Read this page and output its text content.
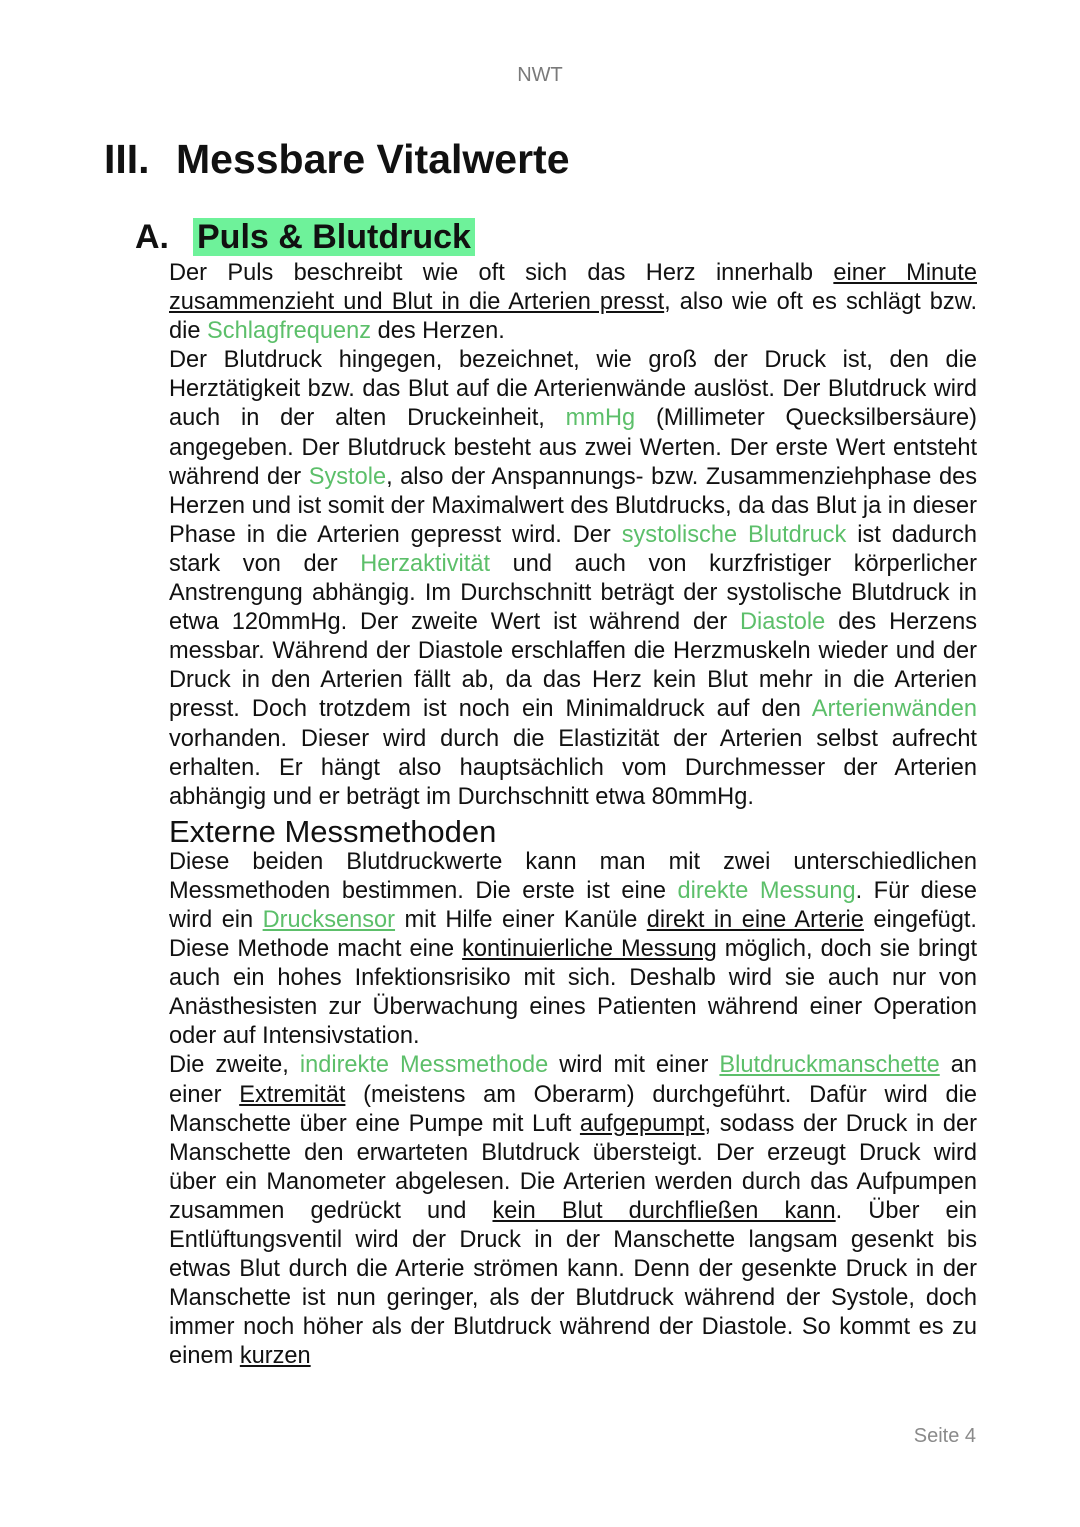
NWT
III. Messbare Vitalwerte
A. Puls & Blutdruck

Der Puls beschreibt wie oft sich das Herz innerhalb einer Minute zusammenzieht und Blut in die Arterien presst, also wie oft es schlägt bzw. die Schlagfrequenz des Herzen.

Der Blutdruck hingegen, bezeichnet, wie groß der Druck ist, den die Herztätigkeit bzw. das Blut auf die Arterienwände auslöst. Der Blutdruck wird auch in der alten Druckeinheit, mmHg (Millimeter Quecksilbersäure) angegeben. Der Blutdruck besteht aus zwei Werten. Der erste Wert entsteht während der Systole, also der Anspannungs- bzw. Zusammenziehphase des Herzen und ist somit der Maximalwert des Blutdrucks, da das Blut ja in dieser Phase in die Arterien gepresst wird. Der systolische Blutdruck ist dadurch stark von der Herzaktivität und auch von kurzfristiger körperlicher Anstrengung abhängig. Im Durchschnitt beträgt der systolische Blutdruck in etwa 120mmHg. Der zweite Wert ist während der Diastole des Herzens messbar. Während der Diastole erschlaffen die Herzmuskeln wieder und der Druck in den Arterien fällt ab, da das Herz kein Blut mehr in die Arterien presst. Doch trotzdem ist noch ein Minimaldruck auf den Arterienwänden vorhanden. Dieser wird durch die Elastizität der Arterien selbst aufrecht erhalten. Er hängt also hauptsächlich vom Durchmesser der Arterien abhängig und er beträgt im Durchschnitt etwa 80mmHg.

Externe Messmethoden

Diese beiden Blutdruckwerte kann man mit zwei unterschiedlichen Messmethoden bestimmen. Die erste ist eine direkte Messung. Für diese wird ein Drucksensor mit Hilfe einer Kanüle direkt in eine Arterie eingefügt. Diese Methode macht eine kontinuierliche Messung möglich, doch sie bringt auch ein hohes Infektionsrisiko mit sich. Deshalb wird sie auch nur von Anästhesisten zur Überwachung eines Patienten während einer Operation oder auf Intensivstation.

Die zweite, indirekte Messmethode wird mit einer Blutdruckmanschette an einer Extremität (meistens am Oberarm) durchgeführt. Dafür wird die Manschette über eine Pumpe mit Luft aufgepumpt, sodass der Druck in der Manschette den erwarteten Blutdruck übersteigt. Der erzeugt Druck wird über ein Manometer abgelesen. Die Arterien werden durch das Aufpumpen zusammen gedrückt und kein Blut durchfließen kann. Über ein Entlüftungsventil wird der Druck in der Manschette langsam gesenkt bis etwas Blut durch die Arterie strömen kann. Denn der gesenkte Druck in der Manschette ist nun geringer, als der Blutdruck während der Systole, doch immer noch höher als der Blutdruck während der Diastole. So kommt es zu einem kurzen

Seite 4
